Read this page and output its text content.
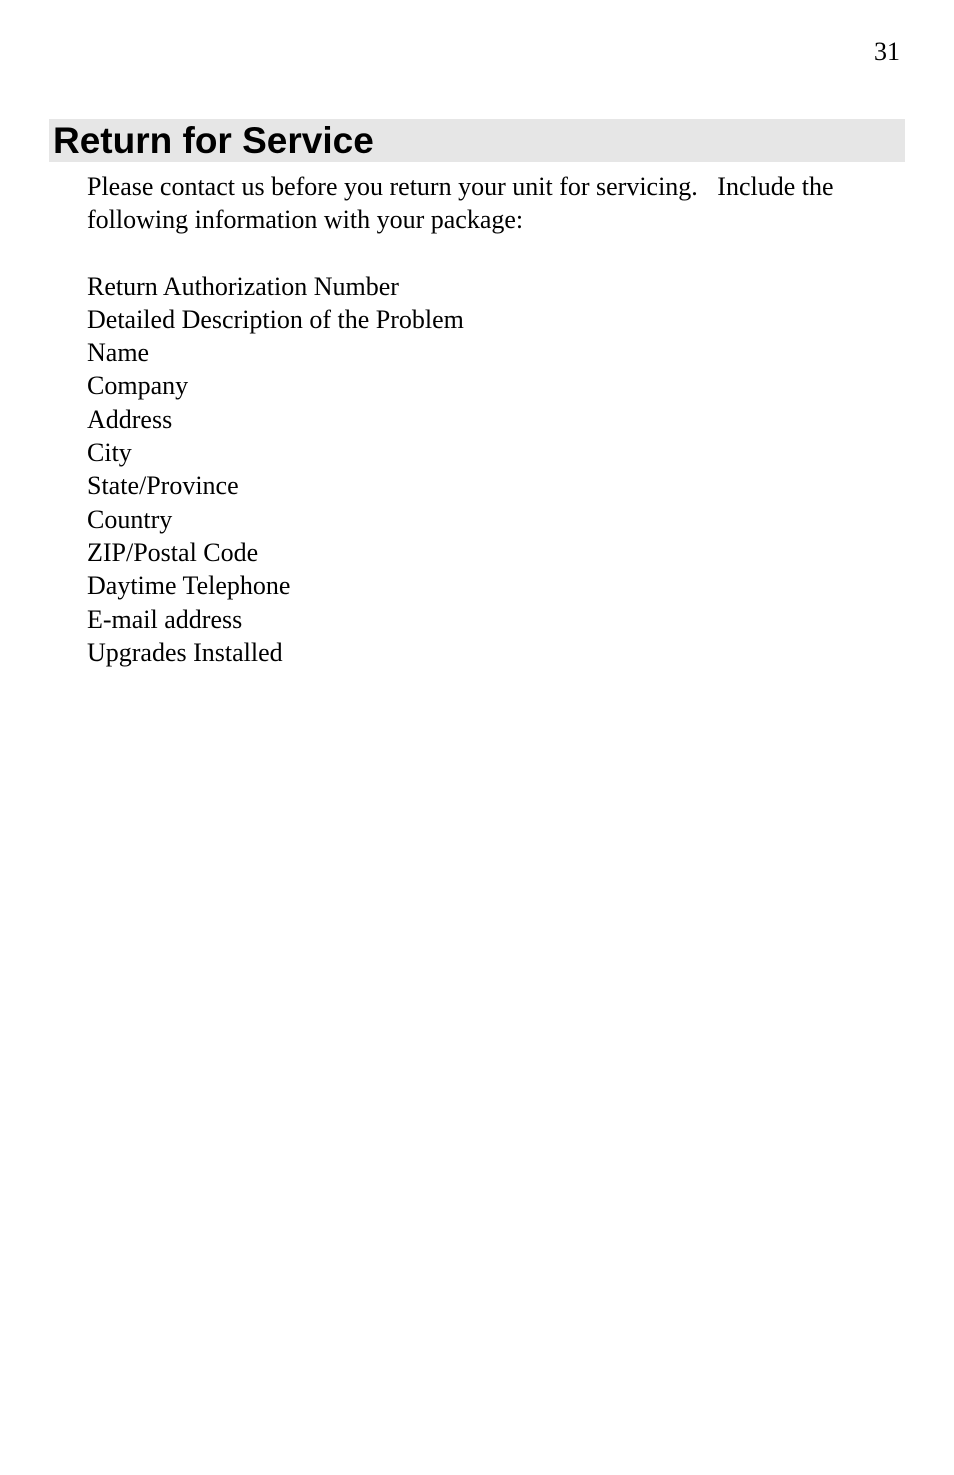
31
Return for Service

Please contact us before you return your unit for servicing.   Include the following information with your package:

Return Authorization Number
Detailed Description of the Problem
Name
Company
Address
City
State/Province
Country
ZIP/Postal Code
Daytime Telephone
E-mail address
Upgrades Installed
